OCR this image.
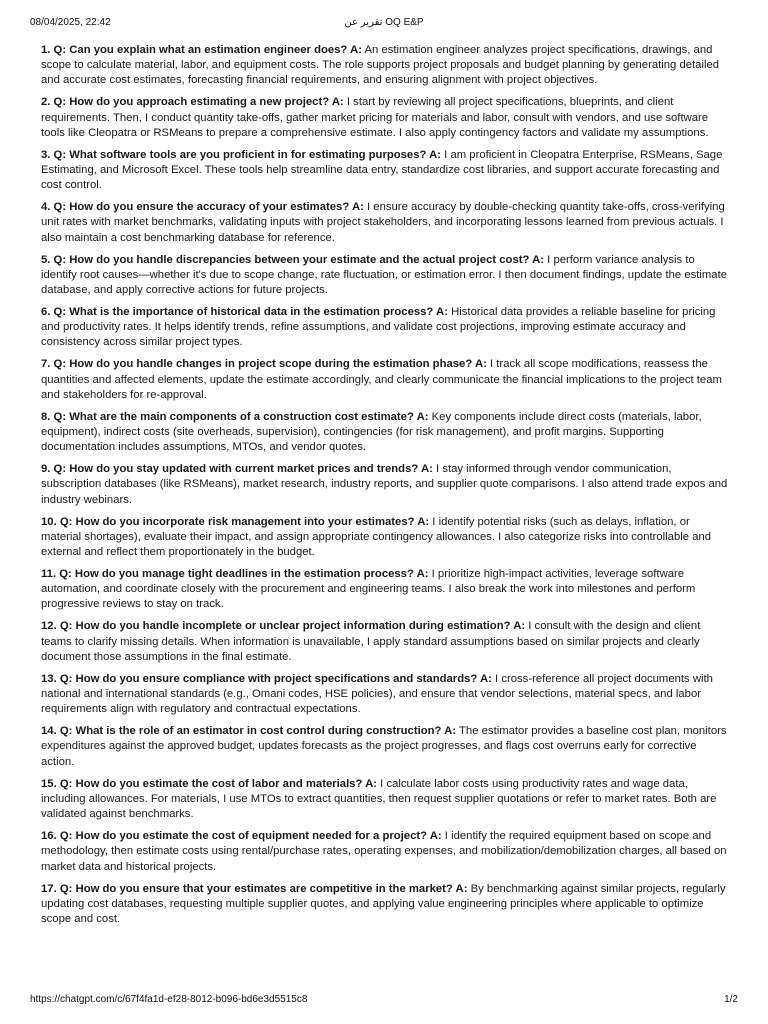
08/04/2025, 22:42	تقرير عن OQ E&P

1. Q: Can you explain what an estimation engineer does? A: An estimation engineer analyzes project specifications, drawings, and scope to calculate material, labor, and equipment costs. The role supports project proposals and budget planning by generating detailed and accurate cost estimates, forecasting financial requirements, and ensuring alignment with project objectives.

2. Q: How do you approach estimating a new project? A: I start by reviewing all project specifications, blueprints, and client requirements. Then, I conduct quantity take-offs, gather market pricing for materials and labor, consult with vendors, and use software tools like Cleopatra or RSMeans to prepare a comprehensive estimate. I also apply contingency factors and validate my assumptions.

3. Q: What software tools are you proficient in for estimating purposes? A: I am proficient in Cleopatra Enterprise, RSMeans, Sage Estimating, and Microsoft Excel. These tools help streamline data entry, standardize cost libraries, and support accurate forecasting and cost control.

4. Q: How do you ensure the accuracy of your estimates? A: I ensure accuracy by double-checking quantity take-offs, cross-verifying unit rates with market benchmarks, validating inputs with project stakeholders, and incorporating lessons learned from previous actuals. I also maintain a cost benchmarking database for reference.

5. Q: How do you handle discrepancies between your estimate and the actual project cost? A: I perform variance analysis to identify root causes—whether it's due to scope change, rate fluctuation, or estimation error. I then document findings, update the estimate database, and apply corrective actions for future projects.

6. Q: What is the importance of historical data in the estimation process? A: Historical data provides a reliable baseline for pricing and productivity rates. It helps identify trends, refine assumptions, and validate cost projections, improving estimate accuracy and consistency across similar project types.

7. Q: How do you handle changes in project scope during the estimation phase? A: I track all scope modifications, reassess the quantities and affected elements, update the estimate accordingly, and clearly communicate the financial implications to the project team and stakeholders for re-approval.

8. Q: What are the main components of a construction cost estimate? A: Key components include direct costs (materials, labor, equipment), indirect costs (site overheads, supervision), contingencies (for risk management), and profit margins. Supporting documentation includes assumptions, MTOs, and vendor quotes.

9. Q: How do you stay updated with current market prices and trends? A: I stay informed through vendor communication, subscription databases (like RSMeans), market research, industry reports, and supplier quote comparisons. I also attend trade expos and industry webinars.

10. Q: How do you incorporate risk management into your estimates? A: I identify potential risks (such as delays, inflation, or material shortages), evaluate their impact, and assign appropriate contingency allowances. I also categorize risks into controllable and external and reflect them proportionately in the budget.

11. Q: How do you manage tight deadlines in the estimation process? A: I prioritize high-impact activities, leverage software automation, and coordinate closely with the procurement and engineering teams. I also break the work into milestones and perform progressive reviews to stay on track.

12. Q: How do you handle incomplete or unclear project information during estimation? A: I consult with the design and client teams to clarify missing details. When information is unavailable, I apply standard assumptions based on similar projects and clearly document those assumptions in the final estimate.

13. Q: How do you ensure compliance with project specifications and standards? A: I cross-reference all project documents with national and international standards (e.g., Omani codes, HSE policies), and ensure that vendor selections, material specs, and labor requirements align with regulatory and contractual expectations.

14. Q: What is the role of an estimator in cost control during construction? A: The estimator provides a baseline cost plan, monitors expenditures against the approved budget, updates forecasts as the project progresses, and flags cost overruns early for corrective action.

15. Q: How do you estimate the cost of labor and materials? A: I calculate labor costs using productivity rates and wage data, including allowances. For materials, I use MTOs to extract quantities, then request supplier quotations or refer to market rates. Both are validated against benchmarks.

16. Q: How do you estimate the cost of equipment needed for a project? A: I identify the required equipment based on scope and methodology, then estimate costs using rental/purchase rates, operating expenses, and mobilization/demobilization charges, all based on market data and historical projects.

17. Q: How do you ensure that your estimates are competitive in the market? A: By benchmarking against similar projects, regularly updating cost databases, requesting multiple supplier quotes, and applying value engineering principles where applicable to optimize scope and cost.

https://chatgpt.com/c/67f4fa1d-ef28-8012-b096-bd6e3d5515c8	1/2
